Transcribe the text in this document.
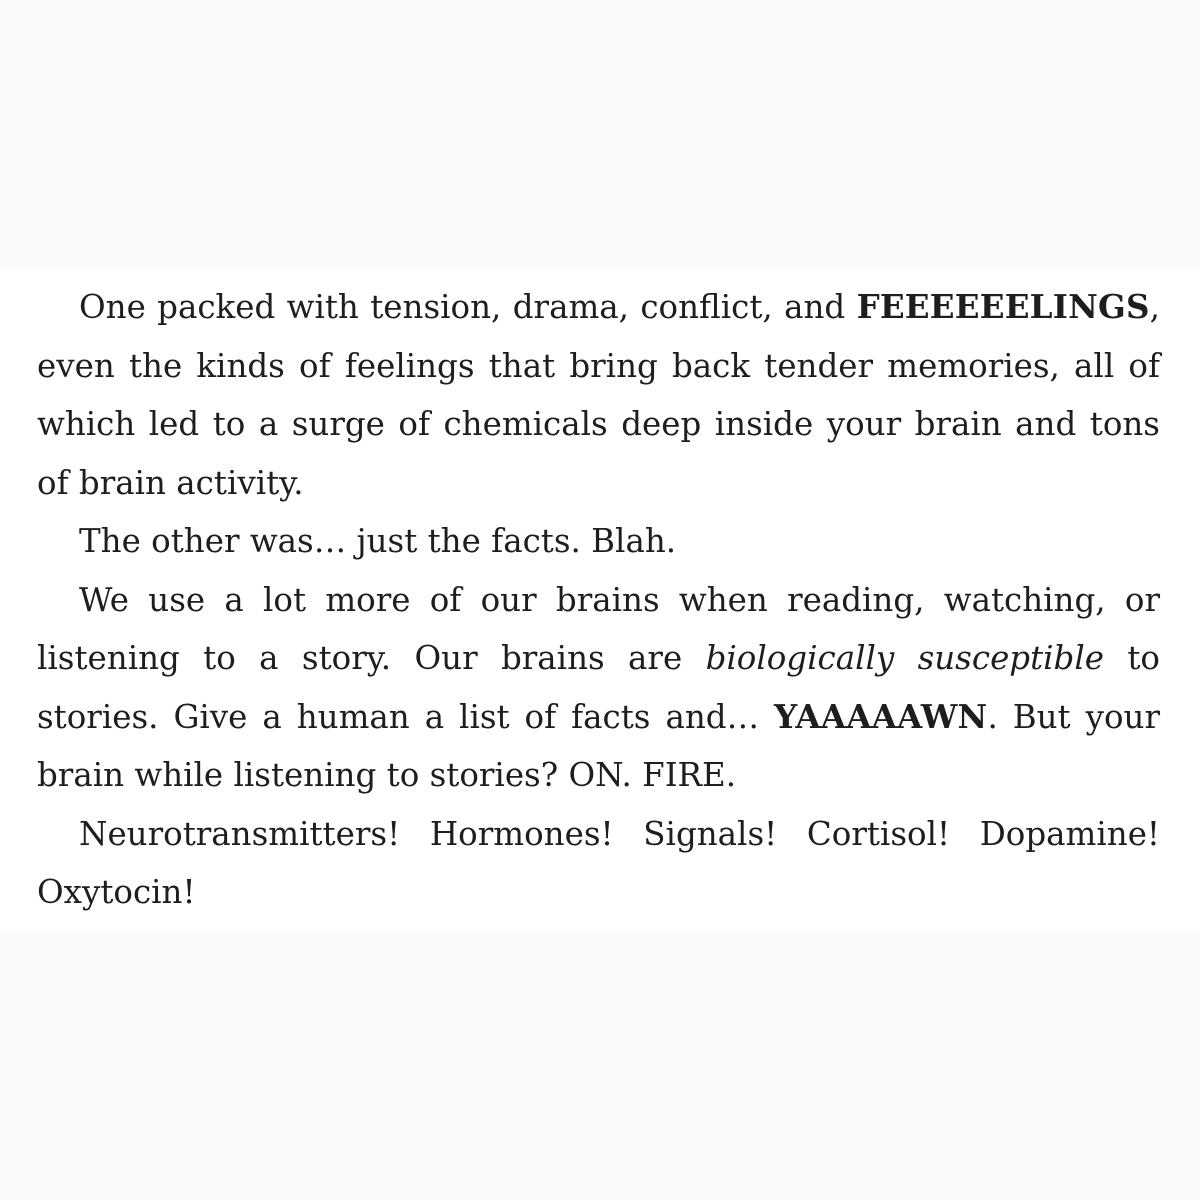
One packed with tension, drama, conflict, and FEEEEEELINGS, even the kinds of feelings that bring back tender memories, all of which led to a surge of chemicals deep inside your brain and tons of brain activity.

The other was… just the facts. Blah.

We use a lot more of our brains when reading, watching, or listening to a story. Our brains are biologically susceptible to stories. Give a human a list of facts and… YAAAAAWN. But your brain while listening to stories? ON. FIRE.

Neurotransmitters! Hormones! Signals! Cortisol! Dopamine! Oxytocin!
